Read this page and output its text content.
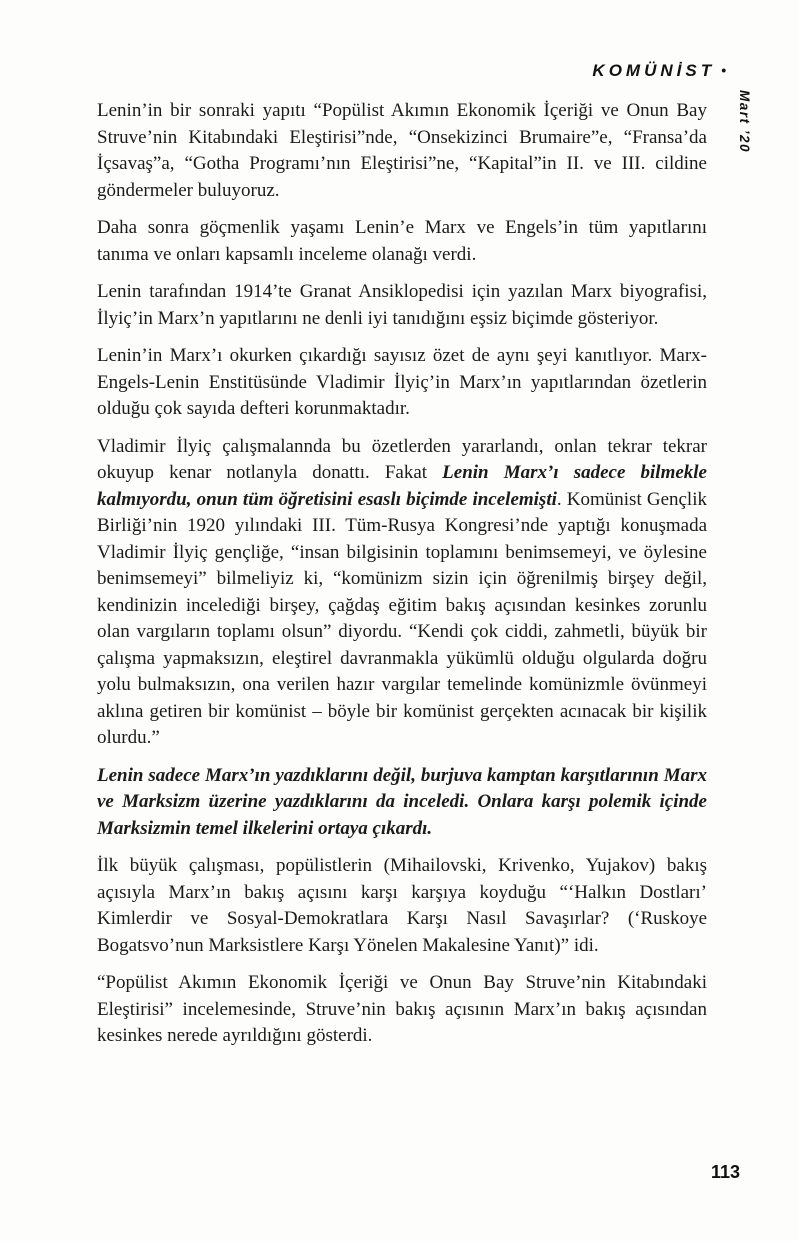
KOMÜNİST •
Mart ’20

Lenin’in bir sonraki yapıtı “Popülist Akımın Ekonomik İçeriği ve Onun Bay Struve’nin Kitabındaki Eleştirisi”nde, “Onsekizinci Brumaire”e, “Fransa’da İçsavaş”a, “Gotha Programı’nın Eleştirisi”ne, “Kapital”in II. ve III. cildine göndermeler buluyoruz.

Daha sonra göçmenlik yaşamı Lenin’e Marx ve Engels’in tüm yapıtlarını tanıma ve onları kapsamlı inceleme olanağı verdi.

Lenin tarafından 1914’te Granat Ansiklopedisi için yazılan Marx biyografisi, İlyiç’in Marx’n yapıtlarını ne denli iyi tanıdığını eşsiz biçimde gösteriyor.

Lenin’in Marx’ı okurken çıkardığı sayısız özet de aynı şeyi kanıtlıyor. Marx-Engels-Lenin Enstitüsünde Vladimir İlyiç’in Marx’ın yapıtlarından özetlerin olduğu çok sayıda defteri korunmaktadır.

Vladimir İlyiç çalışmalannda bu özetlerden yararlandı, onlan tekrar tekrar okuyup kenar notlanyla donattı. Fakat Lenin Marx’ı sadece bilmekle kalmıyordu, onun tüm öğretisini esaslı biçimde incelemişti. Komünist Gençlik Birliği’nin 1920 yılındaki III. Tüm-Rusya Kongresi’nde yaptığı konuşmada Vladimir İlyiç gençliğe, “insan bilgisinin toplamını benimsemeyi, ve öylesine benimsemeyi” bilmeliyiz ki, “komünizm sizin için öğrenilmiş birşey değil, kendinizin incelediği birşey, çağdaş eğitim bakış açısından kesinkes zorunlu olan vargıların toplamı olsun” diyordu. “Kendi çok ciddi, zahmetli, büyük bir çalışma yapmaksızın, eleştirel davranmakla yükümlü olduğu olgularda doğru yolu bulmaksızın, ona verilen hazır vargılar temelinde komünizmle övünmeyi aklına getiren bir komünist – böyle bir komünist gerçekten acınacak bir kişilik olurdu.”

Lenin sadece Marx’ın yazdıklarını değil, burjuva kamptan karşıtlarının Marx ve Marksizm üzerine yazdıklarını da inceledi. Onlara karşı polemik içinde Marksizmin temel ilkelerini ortaya çıkardı.

İlk büyük çalışması, popülistlerin (Mihailovski, Krivenko, Yujakov) bakış açısıyla Marx’ın bakış açısını karşı karşıya koyduğu “‘Halkın Dostları’ Kimlerdir ve Sosyal-Demokratlara Karşı Nasıl Savaşırlar? (‘Ruskoye Bogatsvo’nun Marksistlere Karşı Yönelen Makalesine Yanıt)” idi.

“Popülist Akımın Ekonomik İçeriği ve Onun Bay Struve’nin Kitabındaki Eleştirisi” incelemesinde, Struve’nin bakış açısının Marx’ın bakış açısından kesinkes nerede ayrıldığını gösterdi.

113
